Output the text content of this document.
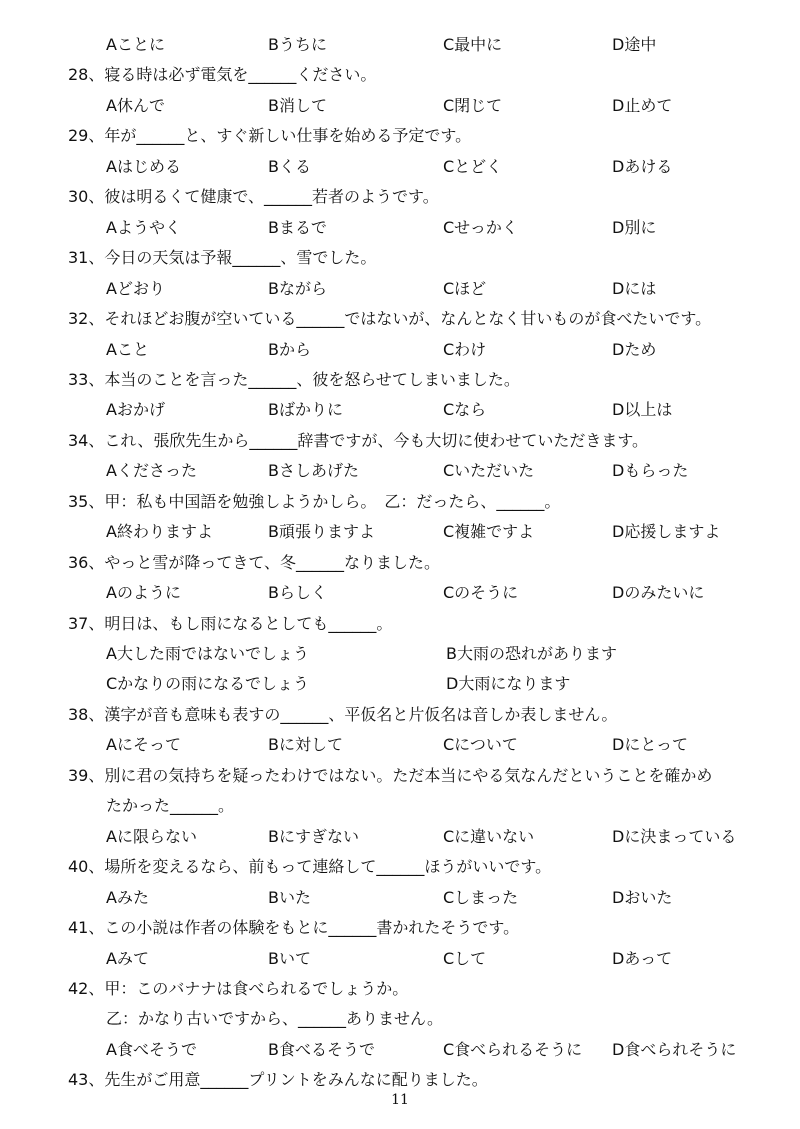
Aことに	Bうちに	C最中に	D途中
28、寝る時は必ず電気を______ください。
A休んで	B消して	C閉じて	D止めて
29、年が______と、すぐ新しい仕事を始める予定です。
Aはじめる	Bくる	Cとどく	Dあける
30、彼は明るくて健康で、______若者のようです。
Aようやく	Bまるで	Cせっかく	D別に
31、今日の天気は予報______、雪でした。
Aどおり	Bながら	Cほど	Dには
32、それほどお腹が空いている______ではないが、なんとなく甘いものが食べたいです。
Aこと	Bから	Cわけ	Dため
33、本当のことを言った______、彼を怒らせてしまいました。
Aおかげ	Bばかりに	Cなら	D以上は
34、これ、張欣先生から______辞書ですが、今も大切に使わせていただきます。
Aくださった	Bさしあげた	Cいただいた	Dもらった
35、甲：私も中国語を勉強しようかしら。　乙：だったら、______。
A終わりますよ	B頑張りますよ	C複雑ですよ	D応援しますよ
36、やっと雪が降ってきて、冬______なりました。
Aのように	Bらしく	Cのそうに	Dのみたいに
37、明日は、もし雨になるとしても______。
A大した雨ではないでしょう	B大雨の恐れがあります
Cかなりの雨になるでしょう	D大雨になります
38、漢字が音も意味も表すの______、平仮名と片仮名は音しか表しません。
Aにそって	Bに対して	Cについて	Dにとって
39、別に君の気持ちを疑ったわけではない。ただ本当にやる気なんだということを確かめ
たかった______。
Aに限らない	Bにすぎない	Cに違いない	Dに決まっている
40、場所を変えるなら、前もって連絡して______ほうがいいです。
Aみた	Bいた	Cしまった	Dおいた
41、この小説は作者の体験をもとに______書かれたそうです。
Aみて	Bいて	Cして	Dあって
42、甲：このバナナは食べられるでしょうか。
乙：かなり古いですから、______ありません。
A食べそうで	B食べるそうで	C食べられるそうに D食べられそうに
43、先生がご用意______プリントをみんなに配りました。
11
